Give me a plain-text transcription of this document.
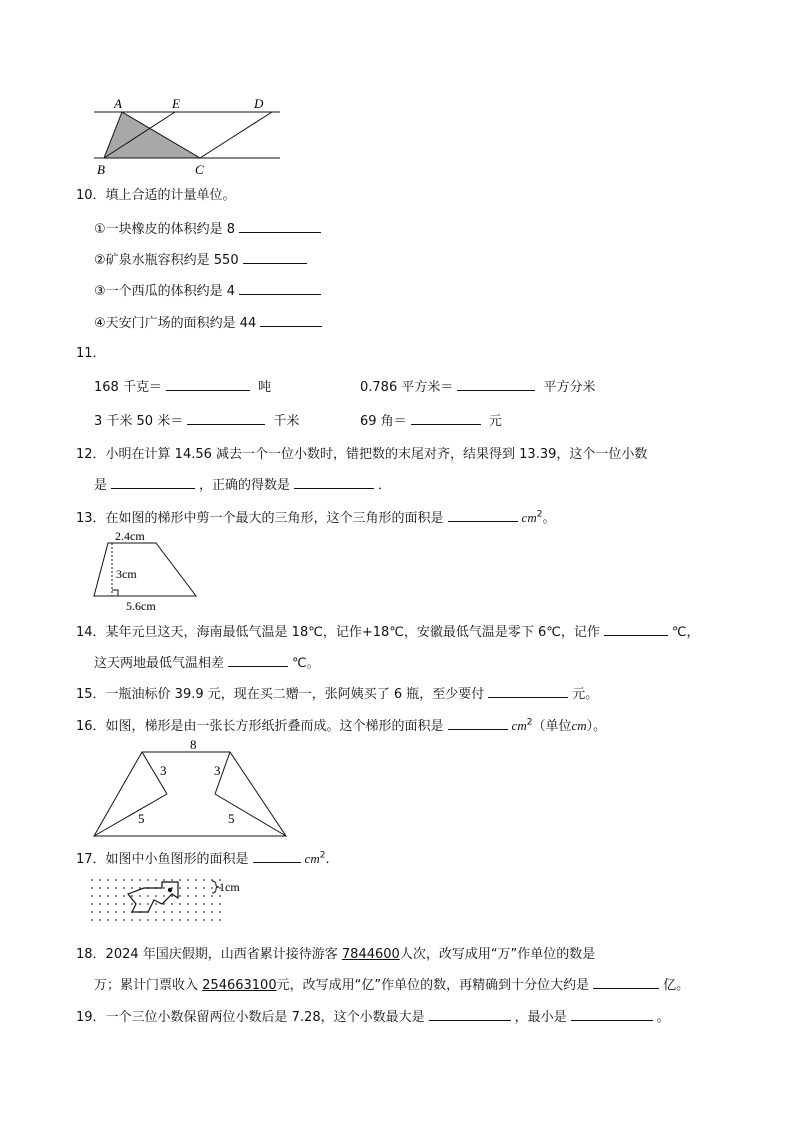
A	E	D
B	C
10．填上合适的计量单位。
①一块橡皮的体积约是 8
②矿泉水瓶容积约是 550
③一个西瓜的体积约是 4
④天安门广场的面积约是 44
11．
168 千克＝	吨	0.786 平方米＝	平方分米
3 千米 50 米＝	千米	69 角＝	元
12．小明在计算 14.56 减去一个一位小数时，错把数的末尾对齐，结果得到 13.39，这个一位小数
是	，正确的得数是	．
13．在如图的梯形中剪一个最大的三角形，这个三角形的面积是	$cm^2$。
2.4cm
3cm
5.6cm
14．某年元旦这天，海南最低气温是 18℃，记作+18℃，安徽最低气温是零下 6℃，记作	℃，
这天两地最低气温相差	℃。
15．一瓶油标价 39.9 元，现在买二赠一，张阿姨买了 6 瓶，至少要付	元。
16．如图，梯形是由一张长方形纸折叠而成。这个梯形的面积是	$cm^2$（单位cm）。
8
3	3
5	5
17．如图中小鱼图形的面积是	$cm^2$.
1cm
18．2024 年国庆假期，山西省累计接待游客 7844600人次，改写成用“万”作单位的数是
万；累计门票收入 254663100元，改写成用“亿”作单位的数，再精确到十分位大约是	亿。
19．一个三位小数保留两位小数后是 7.28，这个小数最大是	，最小是	。
